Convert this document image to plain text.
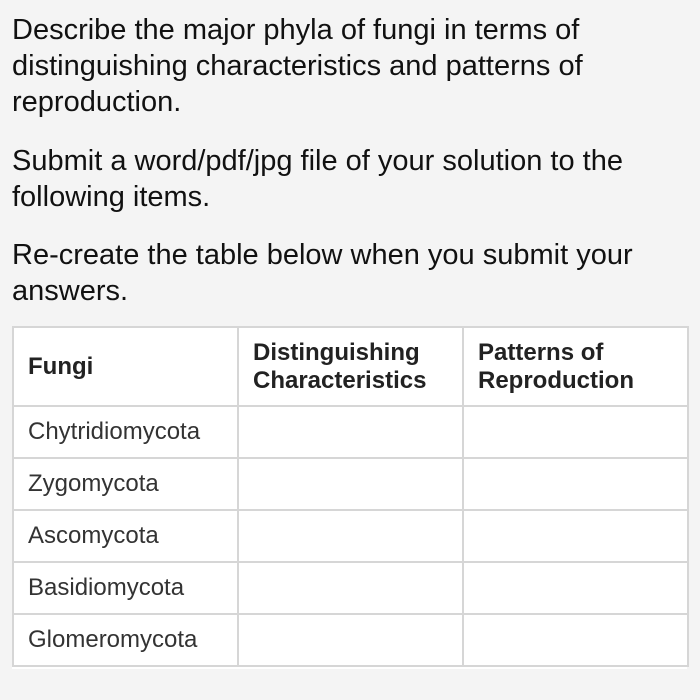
Describe the major phyla of fungi in terms of distinguishing characteristics and patterns of reproduction.

Submit a word/pdf/jpg file of your solution to the following items.

Re-create the table below when you submit your answers.

Fungi	Distinguishing Characteristics	Patterns of Reproduction
Chytridiomycota		
Zygomycota		
Ascomycota		
Basidiomycota		
Glomeromycota		
